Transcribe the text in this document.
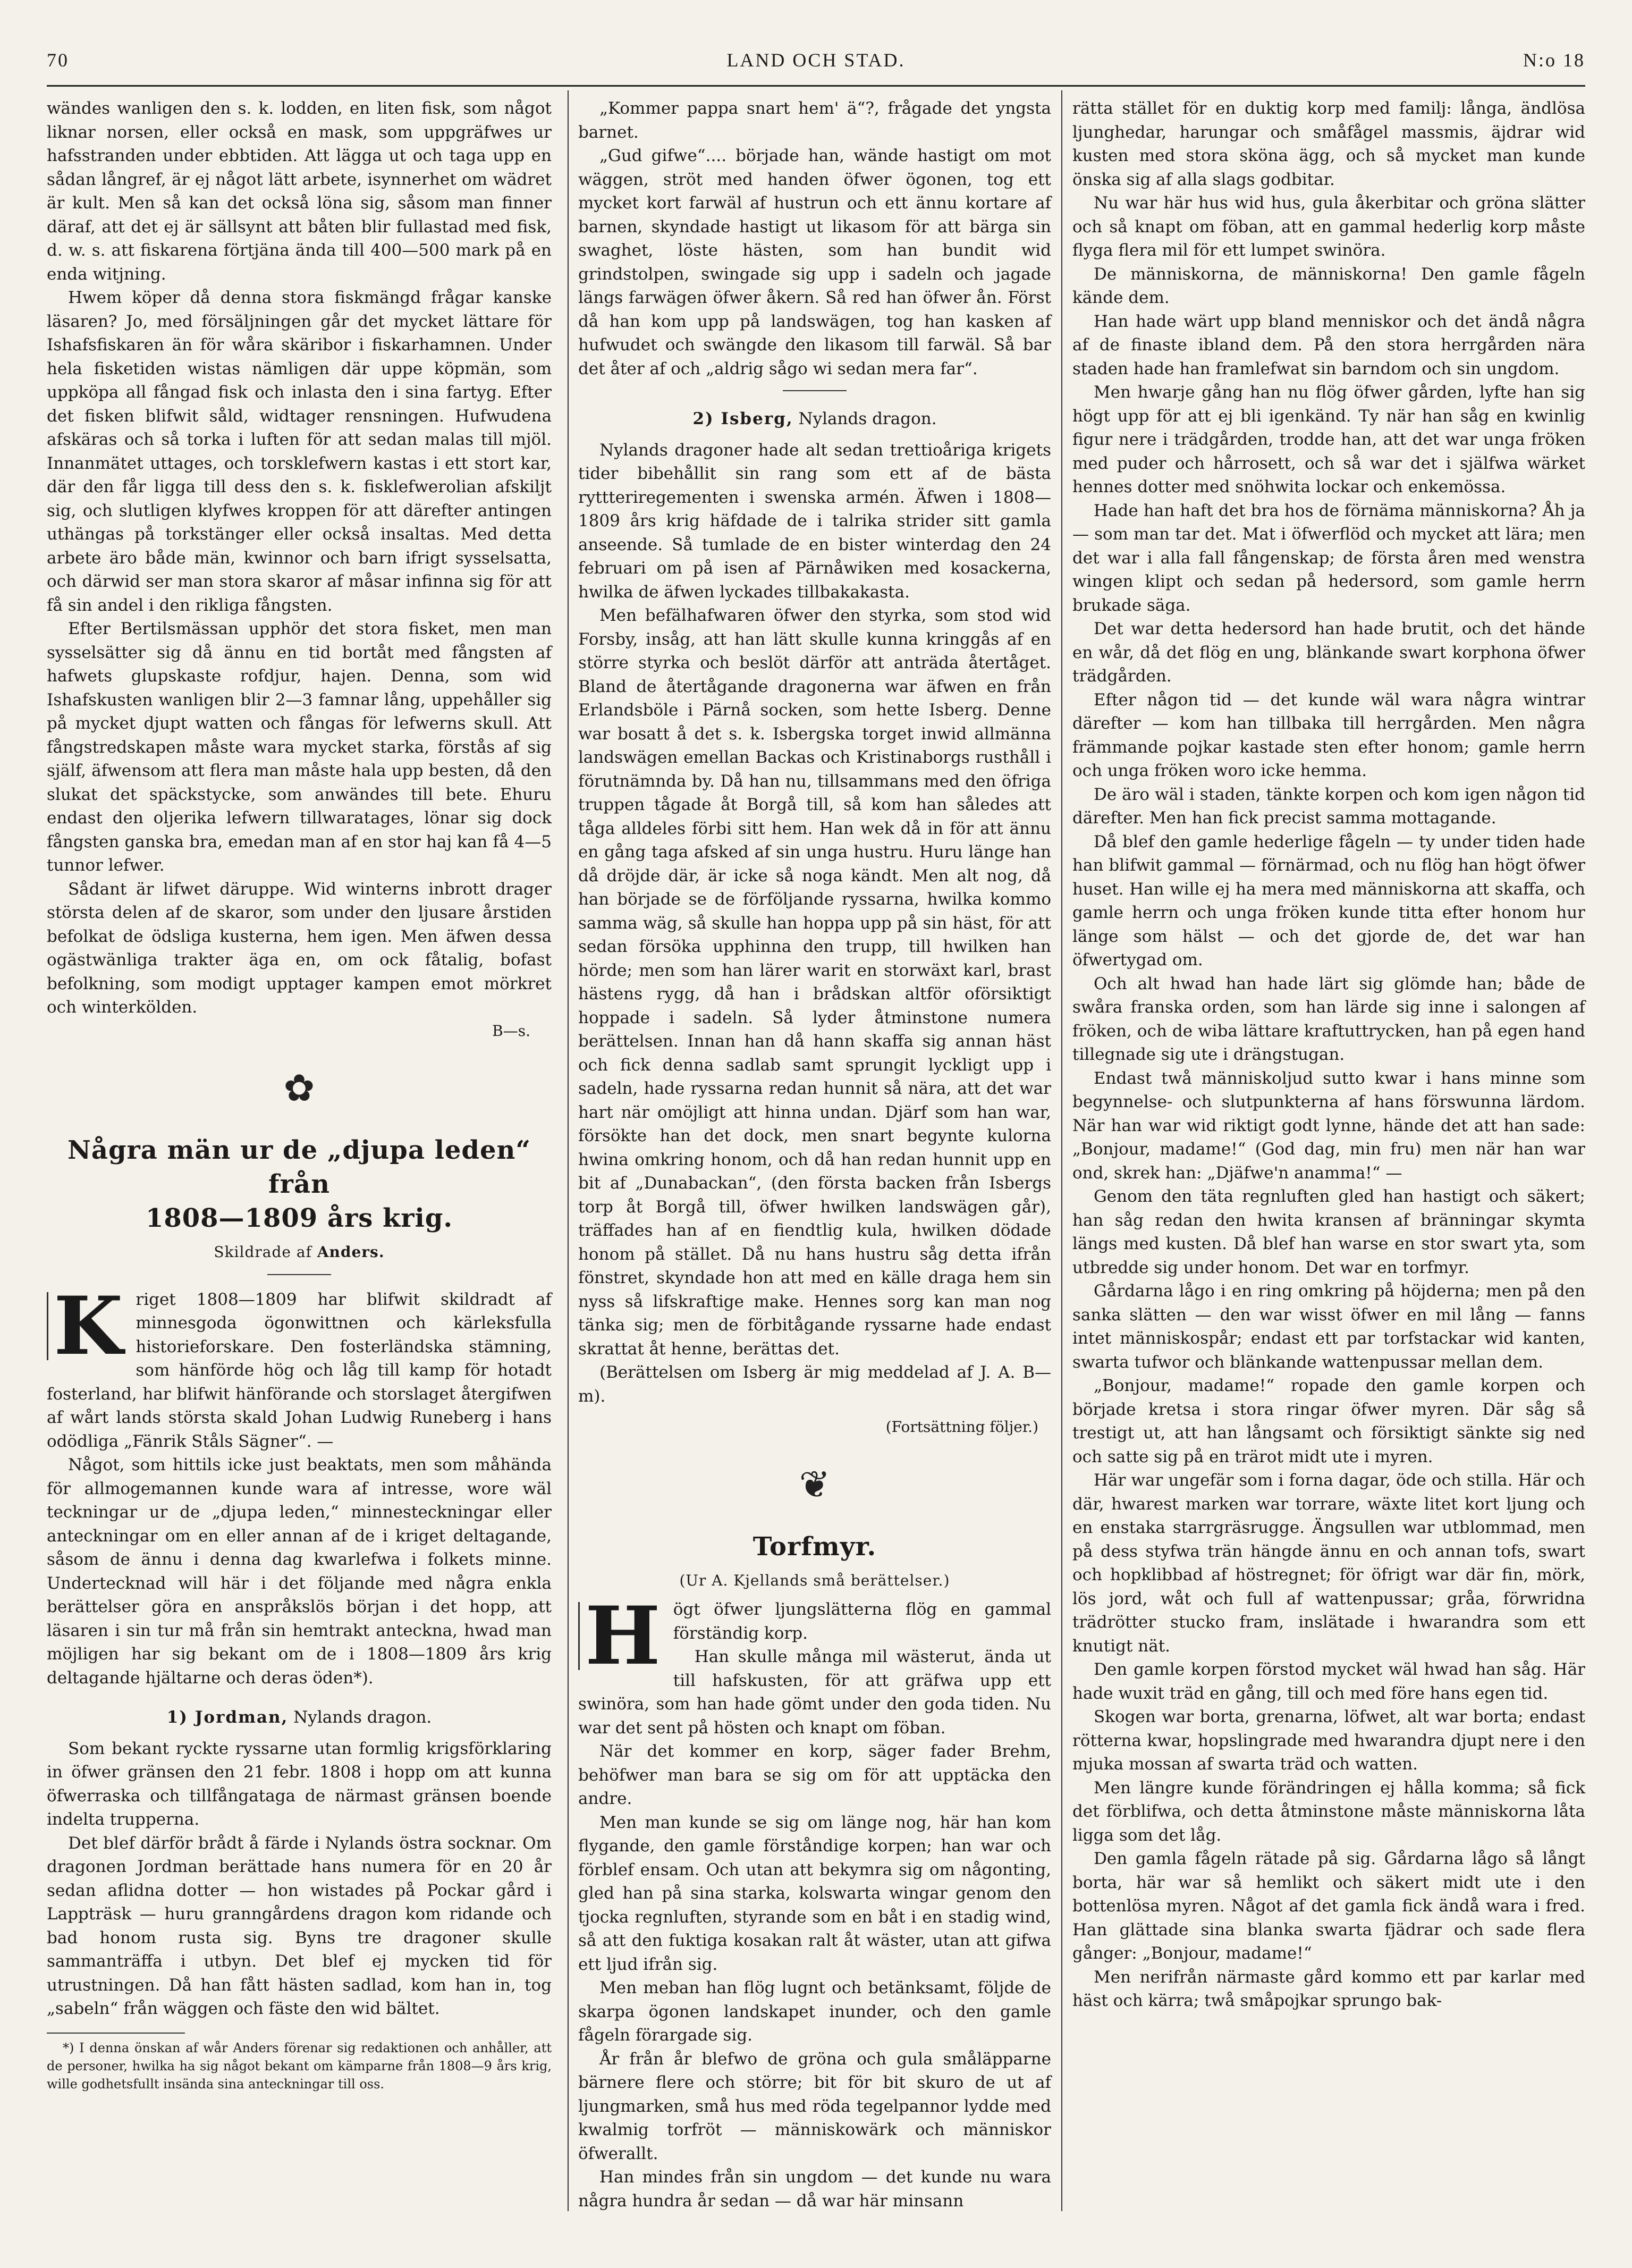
70	LAND OCH STAD.	N:o 18

wändes wanligen den s. k. lodden, en liten fisk, som något liknar norsen, eller också en mask, som uppgräfwes ur hafsstranden under ebbtiden. Att lägga ut och taga upp en sådan långref, är ej något lätt arbete, isynnerhet om wädret är kult. Men så kan det också löna sig, såsom man finner däraf, att det ej är sällsynt att båten blir fullastad med fisk, d. w. s. att fiskarena förtjäna ända till 400—500 mark på en enda witjning.

Hwem köper då denna stora fiskmängd frågar kanske läsaren? Jo, med försäljningen går det mycket lättare för Ishafsfiskaren än för wåra skäribor i fiskarhamnen. Under hela fisketiden wistas nämligen där uppe köpmän, som uppköpa all fångad fisk och inlasta den i sina fartyg. Efter det fisken blifwit såld, widtager rensningen. Hufwudena afskäras och så torka i luften för att sedan malas till mjöl. Innanmätet uttages, och torsklefwern kastas i ett stort kar, där den får ligga till dess den s. k. fisklefwerolian afskiljt sig, och slutligen klyfwes kroppen för att därefter antingen uthängas på torkstänger eller också insaltas. Med detta arbete äro både män, kwinnor och barn ifrigt sysselsatta, och därwid ser man stora skaror af måsar infinna sig för att få sin andel i den rikliga fångsten.

Efter Bertilsmässan upphör det stora fisket, men man sysselsätter sig då ännu en tid bortåt med fångsten af hafwets glupskaste rofdjur, hajen. Denna, som wid Ishafskusten wanligen blir 2—3 famnar lång, uppehåller sig på mycket djupt watten och fångas för lefwerns skull. Att fångstredskapen måste wara mycket starka, förstås af sig själf, äfwensom att flera man måste hala upp besten, då den slukat det späckstycke, som anwändes till bete. Ehuru endast den oljerika lefwern tillwaratages, lönar sig dock fångsten ganska bra, emedan man af en stor haj kan få 4—5 tunnor lefwer.

Sådant är lifwet däruppe. Wid winterns inbrott drager största delen af de skaror, som under den ljusare årstiden befolkat de ödsliga kusterna, hem igen. Men äfwen dessa ogästwänliga trakter äga en, om ock fåtalig, bofast befolkning, som modigt upptager kampen emot mörkret och winterkölden.

B—s.
✿
Några män ur de „djupa leden“ från
1808—1809 års krig.
Skildrade af Anders.

K riget 1808—1809 har blifwit skildradt af minnesgoda ögonwittnen och kärleksfulla historieforskare. Den fosterländska stämning, som hänförde hög och låg till kamp för hotadt fosterland, har blifwit hänförande och storslaget återgifwen af wårt lands största skald Johan Ludwig Runeberg i hans odödliga „Fänrik Ståls Sägner“. —

Något, som hittils icke just beaktats, men som måhända för allmogemannen kunde wara af intresse, wore wäl teckningar ur de „djupa leden,“ minnesteckningar eller anteckningar om en eller annan af de i kriget deltagande, såsom de ännu i denna dag kwarlefwa i folkets minne. Undertecknad will här i det följande med några enkla berättelser göra en anspråkslös början i det hopp, att läsaren i sin tur må från sin hemtrakt anteckna, hwad man möjligen har sig bekant om de i 1808—1809 års krig deltagande hjältarne och deras öden*).

1) Jordman, Nylands dragon.

Som bekant ryckte ryssarne utan formlig krigsförklaring in öfwer gränsen den 21 febr. 1808 i hopp om att kunna öfwerraska och tillfångataga de närmast gränsen boende indelta trupperna.

Det blef därför brådt å färde i Nylands östra socknar. Om dragonen Jordman berättade hans numera för en 20 år sedan aflidna dotter — hon wistades på Pockar gård i Lappträsk — huru granngårdens dragon kom ridande och bad honom rusta sig. Byns tre dragoner skulle sammanträffa i utbyn. Det blef ej mycken tid för utrustningen. Då han fått hästen sadlad, kom han in, tog „sabeln“ från wäggen och fäste den wid bältet.

*) I denna önskan af wår Anders förenar sig redaktionen och anhåller, att de personer, hwilka ha sig något bekant om kämparne från 1808—9 års krig, wille godhetsfullt insända sina anteckningar till oss.

„Kommer pappa snart hem' ä“?, frågade det yngsta barnet.

„Gud gifwe“.... började han, wände hastigt om mot wäggen, ströt med handen öfwer ögonen, tog ett mycket kort farwäl af hustrun och ett ännu kortare af barnen, skyndade hastigt ut likasom för att bärga sin swaghet, löste hästen, som han bundit wid grindstolpen, swingade sig upp i sadeln och jagade längs farwägen öfwer åkern. Så red han öfwer ån. Först då han kom upp på landswägen, tog han kasken af hufwudet och swängde den likasom till farwäl. Så bar det åter af och „aldrig sågo wi sedan mera far“.

2) Isberg, Nylands dragon.

Nylands dragoner hade alt sedan trettioåriga krigets tider bibehållit sin rang som ett af de bästa ryttteriregementen i swenska armén. Äfwen i 1808—1809 års krig häfdade de i talrika strider sitt gamla anseende. Så tumlade de en bister winterdag den 24 februari om på isen af Pärnåwiken med kosackerna, hwilka de äfwen lyckades tillbakakasta.

Men befälhafwaren öfwer den styrka, som stod wid Forsby, insåg, att han lätt skulle kunna kringgås af en större styrka och beslöt därför att anträda återtåget. Bland de återtågande dragonerna war äfwen en från Erlandsböle i Pärnå socken, som hette Isberg. Denne war bosatt å det s. k. Isbergska torget inwid allmänna landswägen emellan Backas och Kristinaborgs rusthåll i förutnämnda by. Då han nu, tillsammans med den öfriga truppen tågade åt Borgå till, så kom han således att tåga alldeles förbi sitt hem. Han wek då in för att ännu en gång taga afsked af sin unga hustru. Huru länge han då dröjde där, är icke så noga kändt. Men alt nog, då han började se de förföljande ryssarna, hwilka kommo samma wäg, så skulle han hoppa upp på sin häst, för att sedan försöka upphinna den trupp, till hwilken han hörde; men som han lärer warit en storwäxt karl, brast hästens rygg, då han i brådskan altför oförsiktigt hoppade i sadeln. Så lyder åtminstone numera berättelsen. Innan han då hann skaffa sig annan häst och fick denna sadlab samt sprungit lyckligt upp i sadeln, hade ryssarna redan hunnit så nära, att det war hart när omöjligt att hinna undan. Djärf som han war, försökte han det dock, men snart begynte kulorna hwina omkring honom, och då han redan hunnit upp en bit af „Dunabackan“, (den första backen från Isbergs torp åt Borgå till, öfwer hwilken landswägen går), träffades han af en fiendtlig kula, hwilken dödade honom på stället. Då nu hans hustru såg detta ifrån fönstret, skyndade hon att med en källe draga hem sin nyss så lifskraftige make. Hennes sorg kan man nog tänka sig; men de förbitågande ryssarne hade endast skrattat åt henne, berättas det.

(Berättelsen om Isberg är mig meddelad af J. A. B—m).

(Fortsättning följer.)
❦
Torfmyr.
(Ur A. Kjellands små berättelser.)

H ögt öfwer ljungslätterna flög en gammal förständig korp.

Han skulle många mil wästerut, ända ut till hafskusten, för att gräfwa upp ett swinöra, som han hade gömt under den goda tiden. Nu war det sent på hösten och knapt om föban.

När det kommer en korp, säger fader Brehm, behöfwer man bara se sig om för att upptäcka den andre.

Men man kunde se sig om länge nog, här han kom flygande, den gamle förståndige korpen; han war och förblef ensam. Och utan att bekymra sig om någonting, gled han på sina starka, kolswarta wingar genom den tjocka regnluften, styrande som en båt i en stadig wind, så att den fuktiga kosakan ralt åt wäster, utan att gifwa ett ljud ifrån sig.

Men meban han flög lugnt och betänksamt, följde de skarpa ögonen landskapet inunder, och den gamle fågeln förargade sig.

År från år blefwo de gröna och gula småläpparne bärnere flere och större; bit för bit skuro de ut af ljungmarken, små hus med röda tegelpannor lydde med kwalmig torfröt — människowärk och människor öfwerallt.

Han mindes från sin ungdom — det kunde nu wara några hundra år sedan — då war här minsann

rätta stället för en duktig korp med familj: långa, ändlösa ljunghedar, harungar och småfågel massmis, äjdrar wid kusten med stora sköna ägg, och så mycket man kunde önska sig af alla slags godbitar.

Nu war här hus wid hus, gula åkerbitar och gröna slätter och så knapt om föban, att en gammal hederlig korp måste flyga flera mil för ett lumpet swinöra.

De människorna, de människorna! Den gamle fågeln kände dem.

Han hade wärt upp bland menniskor och det ändå några af de finaste ibland dem. På den stora herrgården nära staden hade han framlefwat sin barndom och sin ungdom.

Men hwarje gång han nu flög öfwer gården, lyfte han sig högt upp för att ej bli igenkänd. Ty när han såg en kwinlig figur nere i trädgården, trodde han, att det war unga fröken med puder och hårrosett, och så war det i själfwa wärket hennes dotter med snöhwita lockar och enkemössa.

Hade han haft det bra hos de förnäma människorna? Åh ja — som man tar det. Mat i öfwerflöd och mycket att lära; men det war i alla fall fångenskap; de första åren med wenstra wingen klipt och sedan på hedersord, som gamle herrn brukade säga.

Det war detta hedersord han hade brutit, och det hände en wår, då det flög en ung, blänkande swart korphona öfwer trädgården.

Efter någon tid — det kunde wäl wara några wintrar därefter — kom han tillbaka till herrgården. Men några främmande pojkar kastade sten efter honom; gamle herrn och unga fröken woro icke hemma.

De äro wäl i staden, tänkte korpen och kom igen någon tid därefter. Men han fick precist samma mottagande.

Då blef den gamle hederlige fågeln — ty under tiden hade han blifwit gammal — förnärmad, och nu flög han högt öfwer huset. Han wille ej ha mera med människorna att skaffa, och gamle herrn och unga fröken kunde titta efter honom hur länge som hälst — och det gjorde de, det war han öfwertygad om.

Och alt hwad han hade lärt sig glömde han; både de swåra franska orden, som han lärde sig inne i salongen af fröken, och de wiba lättare kraftuttrycken, han på egen hand tillegnade sig ute i drängstugan.

Endast twå människoljud sutto kwar i hans minne som begynnelse- och slutpunkterna af hans förswunna lärdom. När han war wid riktigt godt lynne, hände det att han sade: „Bonjour, madame!“ (God dag, min fru) men när han war ond, skrek han: „Djäfwe'n anamma!“ —

Genom den täta regnluften gled han hastigt och säkert; han såg redan den hwita kransen af bränningar skymta längs med kusten. Då blef han warse en stor swart yta, som utbredde sig under honom. Det war en torfmyr.

Gårdarna lågo i en ring omkring på höjderna; men på den sanka slätten — den war wisst öfwer en mil lång — fanns intet människospår; endast ett par torfstackar wid kanten, swarta tufwor och blänkande wattenpussar mellan dem.

„Bonjour, madame!“ ropade den gamle korpen och började kretsa i stora ringar öfwer myren. Där såg så trestigt ut, att han långsamt och försiktigt sänkte sig ned och satte sig på en trärot midt ute i myren.

Här war ungefär som i forna dagar, öde och stilla. Här och där, hwarest marken war torrare, wäxte litet kort ljung och en enstaka starrgräsrugge. Ängsullen war utblommad, men på dess styfwa trän hängde ännu en och annan tofs, swart och hopklibbad af höstregnet; för öfrigt war där fin, mörk, lös jord, wåt och full af wattenpussar; gråa, förwridna trädrötter stucko fram, inslätade i hwarandra som ett knutigt nät.

Den gamle korpen förstod mycket wäl hwad han såg. Här hade wuxit träd en gång, till och med före hans egen tid.

Skogen war borta, grenarna, löfwet, alt war borta; endast rötterna kwar, hopslingrade med hwarandra djupt nere i den mjuka mossan af swarta träd och watten.

Men längre kunde förändringen ej hålla komma; så fick det förblifwa, och detta åtminstone måste människorna låta ligga som det låg.

Den gamla fågeln rätade på sig. Gårdarna lågo så långt borta, här war så hemlikt och säkert midt ute i den bottenlösa myren. Något af det gamla fick ändå wara i fred. Han glättade sina blanka swarta fjädrar och sade flera gånger: „Bonjour, madame!“

Men nerifrån närmaste gård kommo ett par karlar med häst och kärra; twå småpojkar sprungo bak-
